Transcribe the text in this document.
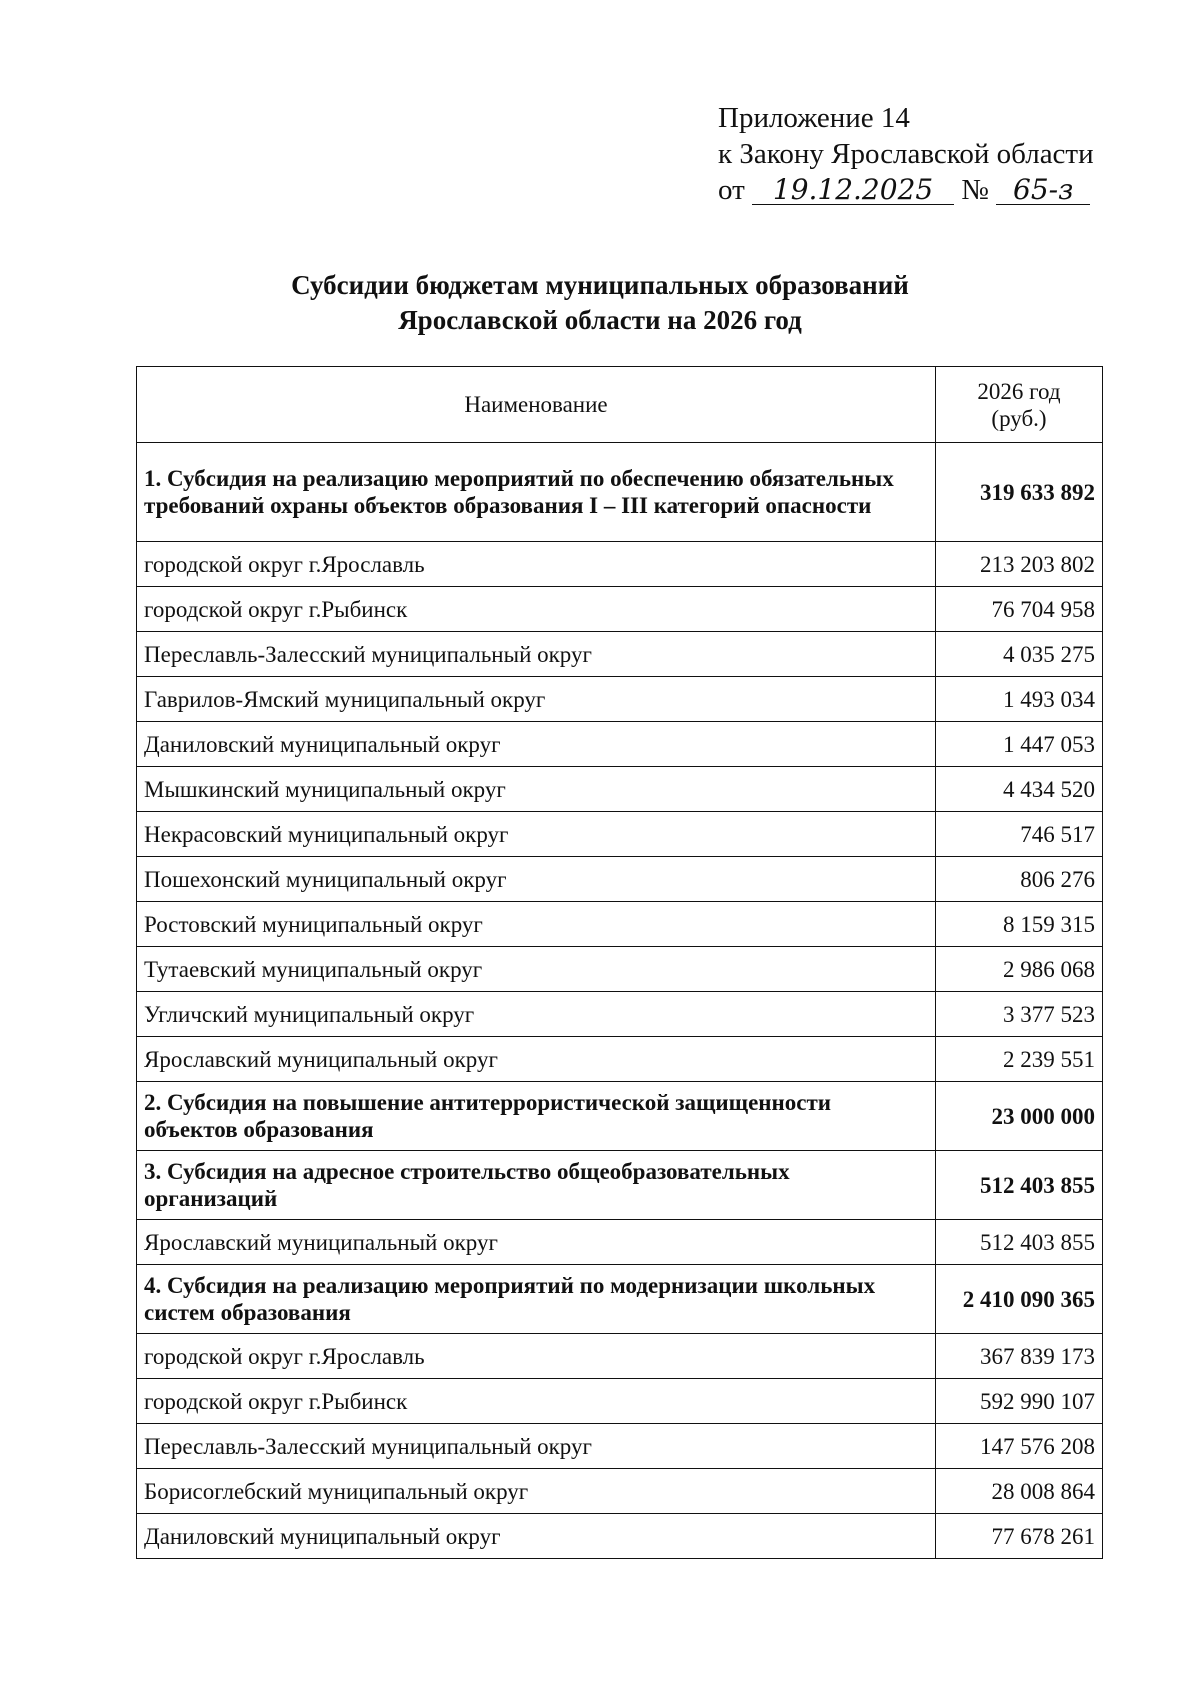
Приложение 14
к Закону Ярославской области
от 19.12.2025 № 65-з
Субсидии бюджетам муниципальных образований
Ярославской области на 2026 год
Наименование	2026 год
(руб.)

1. Субсидия на реализацию мероприятий по обеспечению обязательных требований охраны объектов образования I – III категорий опасности	319 633 892
городской округ г.Ярославль	213 203 802
городской округ г.Рыбинск	76 704 958
Переславль-Залесский муниципальный округ	4 035 275
Гаврилов-Ямский муниципальный округ	1 493 034
Даниловский муниципальный округ	1 447 053
Мышкинский муниципальный округ	4 434 520
Некрасовский муниципальный округ	746 517
Пошехонский муниципальный округ	806 276
Ростовский муниципальный округ	8 159 315
Тутаевский муниципальный округ	2 986 068
Угличский муниципальный округ	3 377 523
Ярославский муниципальный округ	2 239 551
2. Субсидия на повышение антитеррористической защищенности объектов образования	23 000 000
3. Субсидия на адресное строительство общеобразовательных организаций	512 403 855
Ярославский муниципальный округ	512 403 855
4. Субсидия на реализацию мероприятий по модернизации школьных систем образования	2 410 090 365
городской округ г.Ярославль	367 839 173
городской округ г.Рыбинск	592 990 107
Переславль-Залесский муниципальный округ	147 576 208
Борисоглебский муниципальный округ	28 008 864
Даниловский муниципальный округ	77 678 261
